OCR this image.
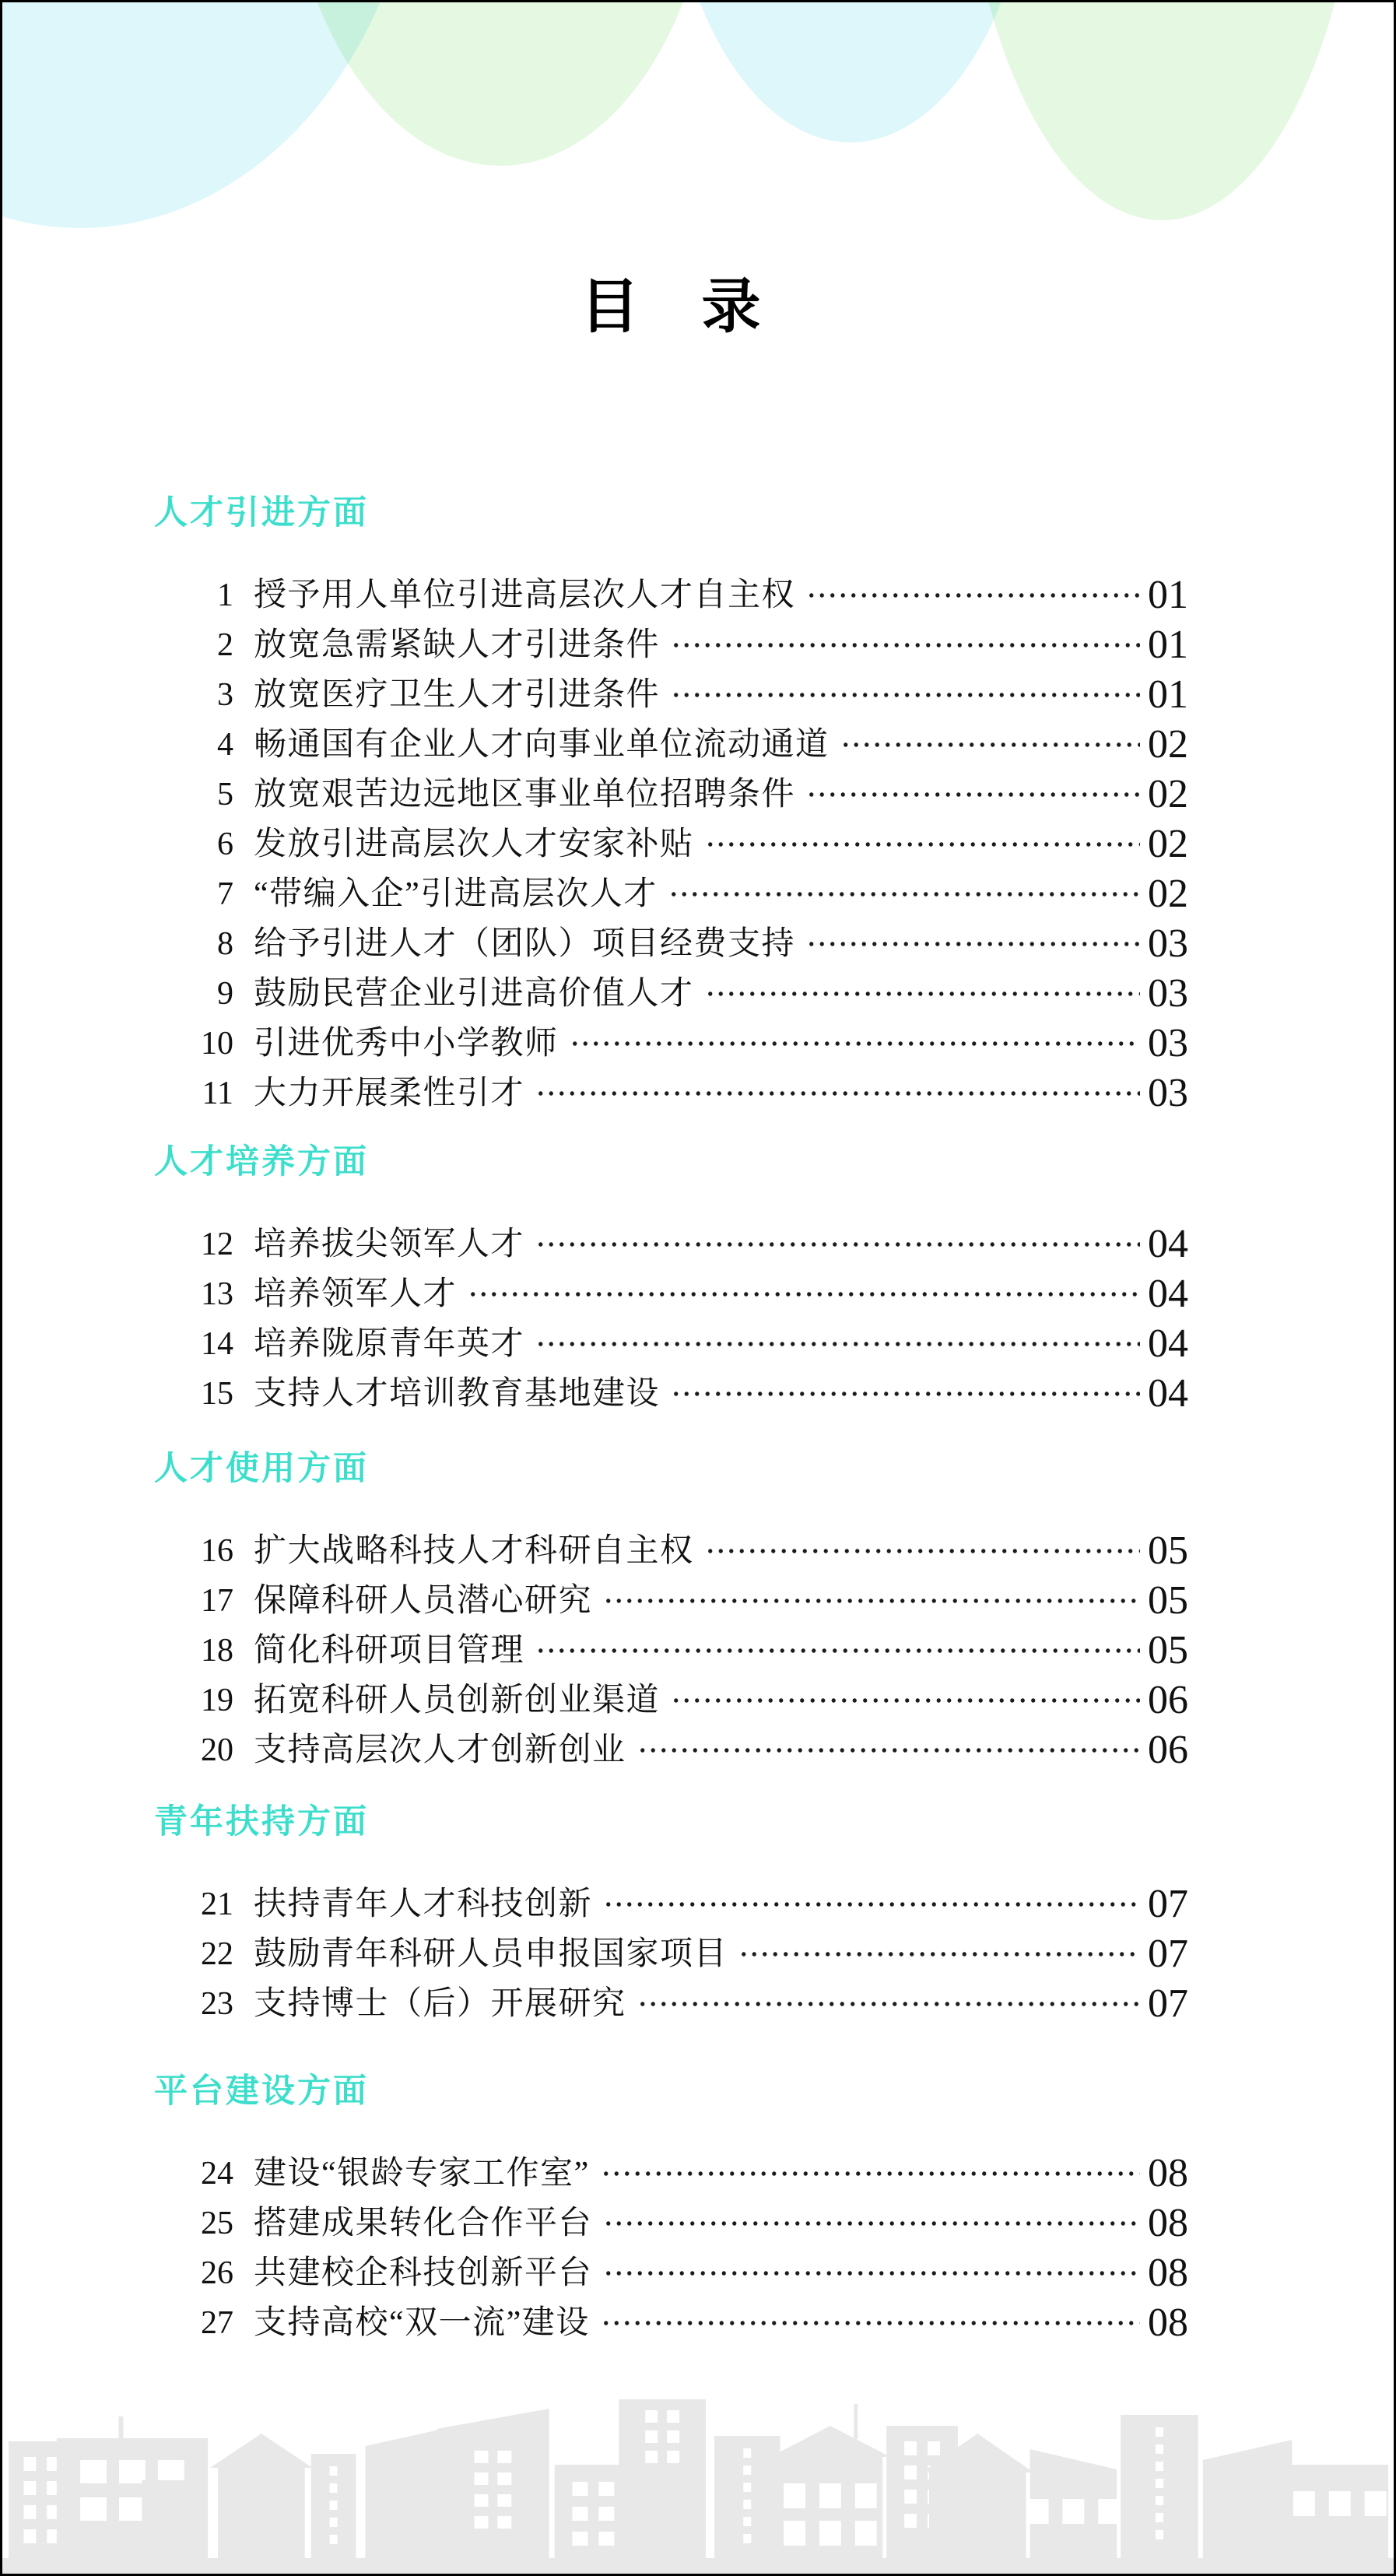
目　录
人才引进方面
1 授予用人单位引进高层次人才自主权	01
2 放宽急需紧缺人才引进条件	01
3 放宽医疗卫生人才引进条件	01
4 畅通国有企业人才向事业单位流动通道	02
5 放宽艰苦边远地区事业单位招聘条件	02
6 发放引进高层次人才安家补贴	02
7 “带编入企”引进高层次人才	02
8 给予引进人才（团队）项目经费支持	03
9 鼓励民营企业引进高价值人才	03
10 引进优秀中小学教师	03
11 大力开展柔性引才	03
人才培养方面
12 培养拔尖领军人才	04
13 培养领军人才	04
14 培养陇原青年英才	04
15 支持人才培训教育基地建设	04
人才使用方面
16 扩大战略科技人才科研自主权	05
17 保障科研人员潜心研究	05
18 简化科研项目管理	05
19 拓宽科研人员创新创业渠道	06
20 支持高层次人才创新创业	06
青年扶持方面
21 扶持青年人才科技创新	07
22 鼓励青年科研人员申报国家项目	07
23 支持博士（后）开展研究	07
平台建设方面
24 建设“银龄专家工作室”	08
25 搭建成果转化合作平台	08
26 共建校企科技创新平台	08
27 支持高校“双一流”建设	08
